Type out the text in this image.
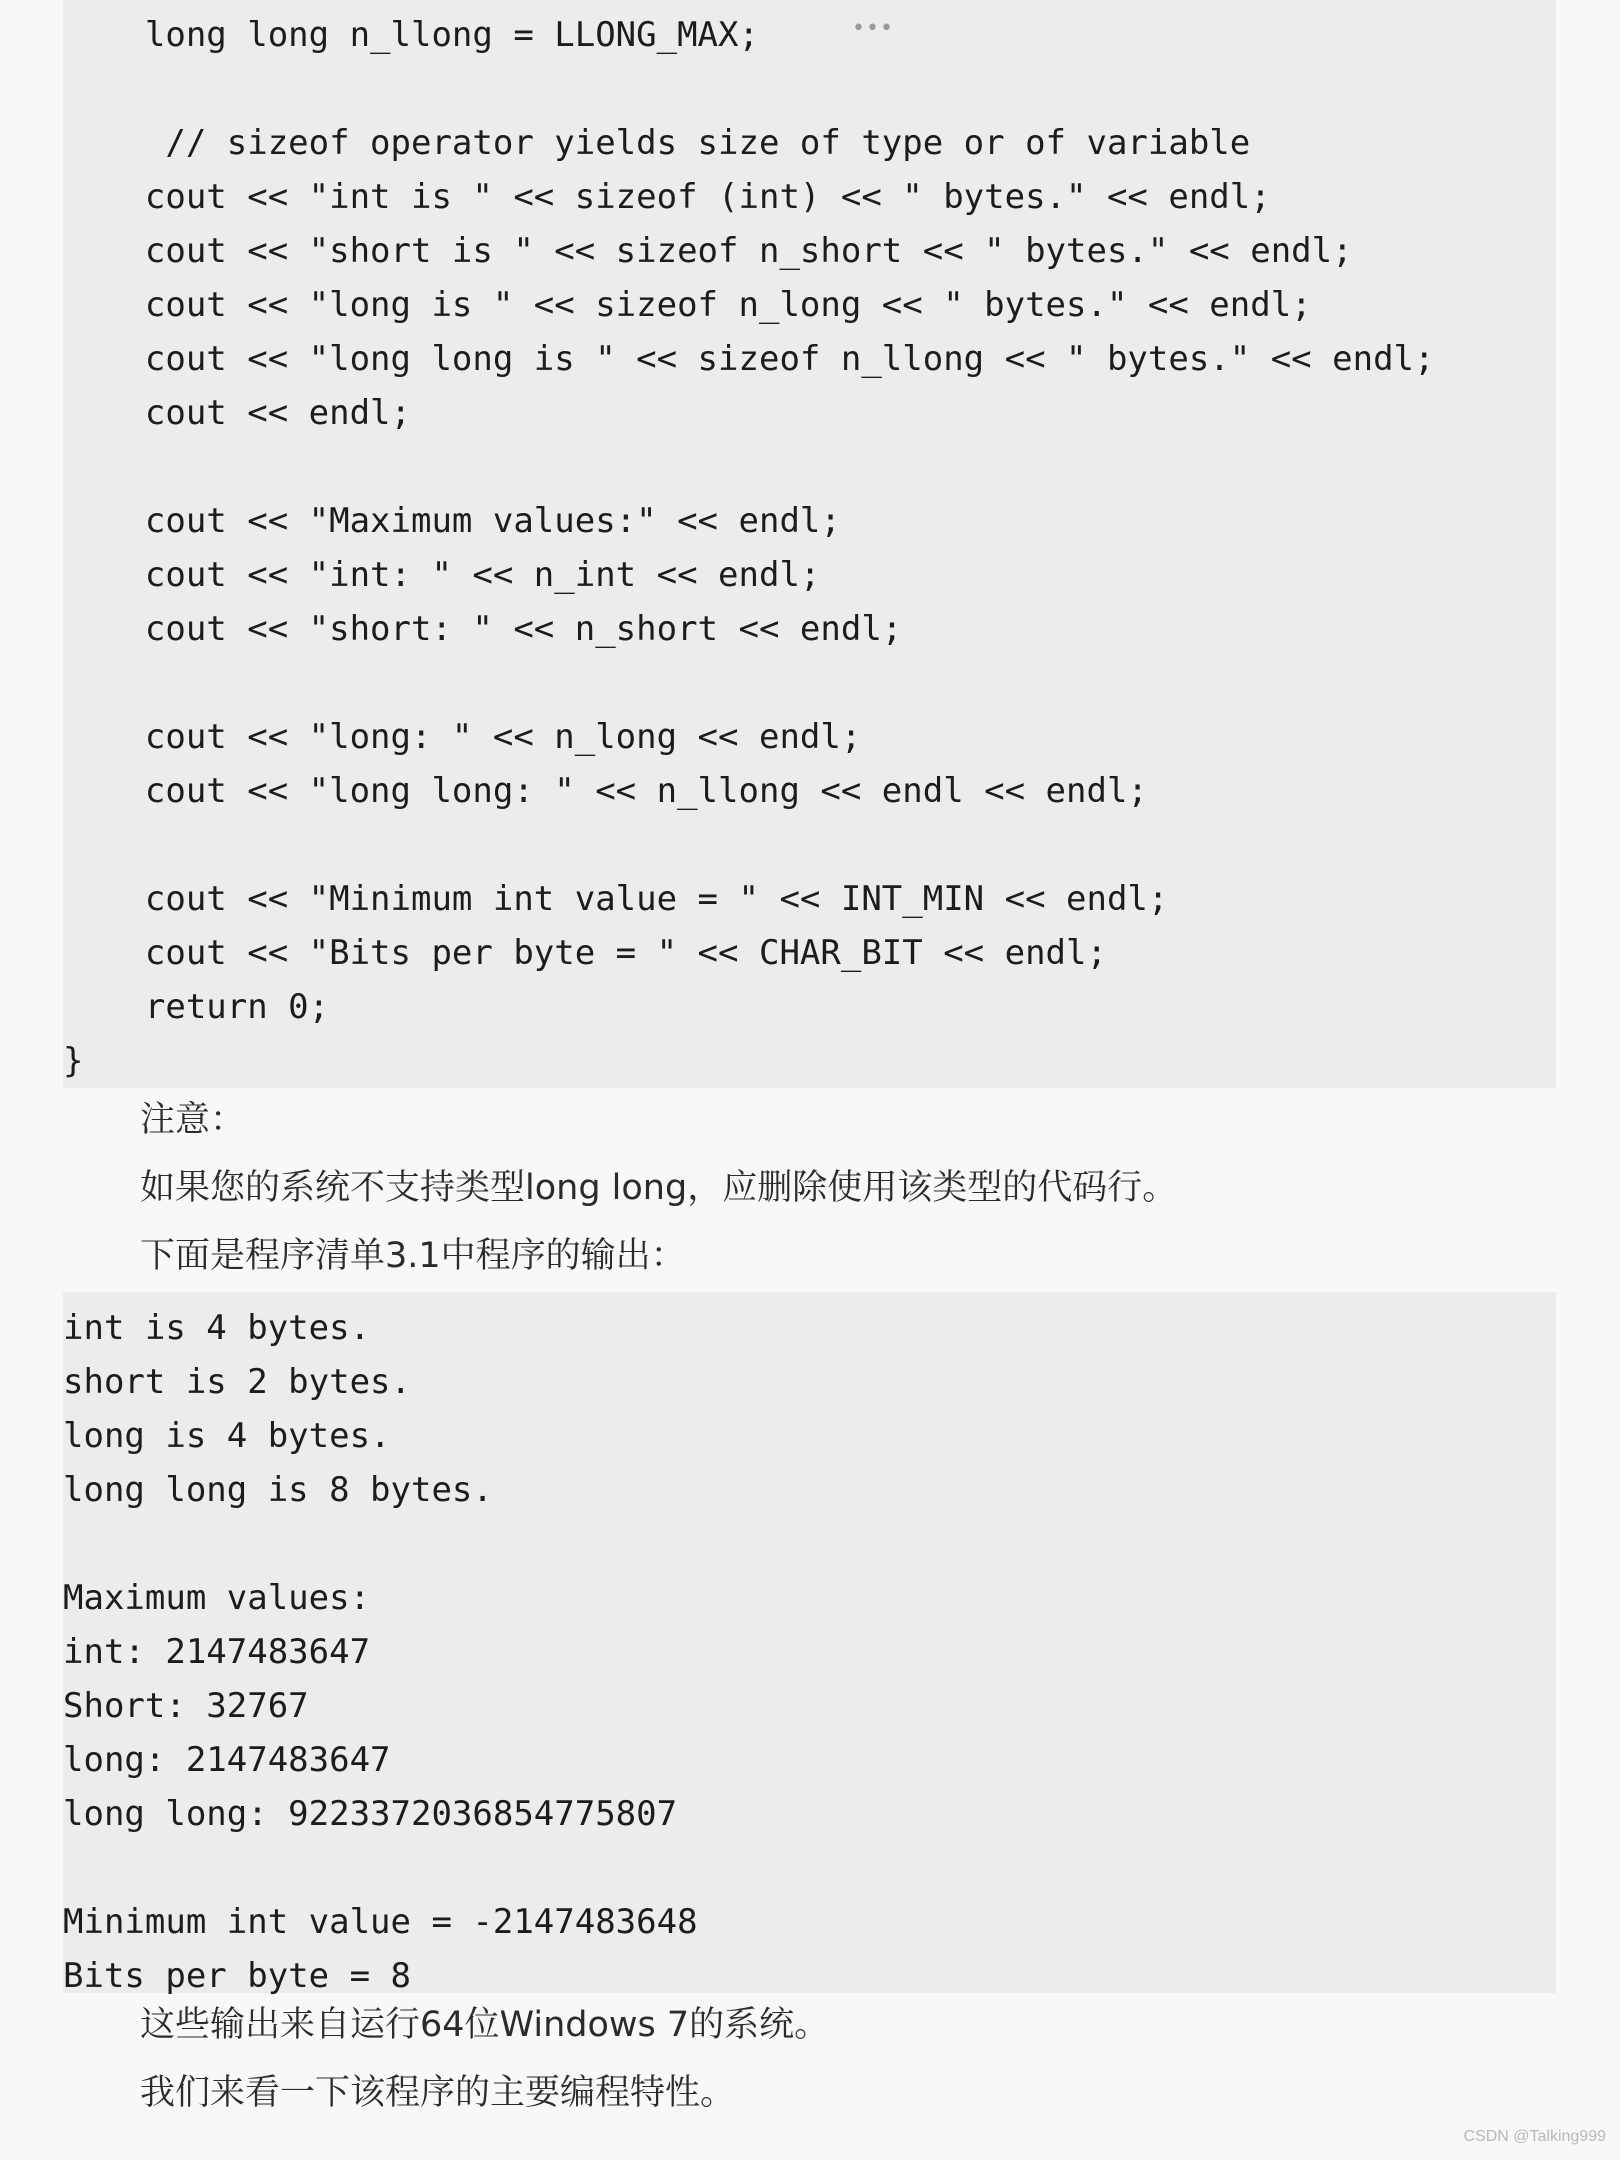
long long n_llong = LLONG_MAX;
// sizeof operator yields size of type or of variable
cout << "int is " << sizeof (int) << " bytes." << endl;
cout << "short is " << sizeof n_short << " bytes." << endl;
cout << "long is " << sizeof n_long << " bytes." << endl;
cout << "long long is " << sizeof n_llong << " bytes." << endl;
cout << endl;
cout << "Maximum values:" << endl;
cout << "int: " << n_int << endl;
cout << "short: " << n_short << endl;
cout << "long: " << n_long << endl;
cout << "long long: " << n_llong << endl << endl;
cout << "Minimum int value = " << INT_MIN << endl;
cout << "Bits per byte = " << CHAR_BIT << endl;
return 0;
}
•••
注意：
如果您的系统不支持类型long long，应删除使用该类型的代码行。
下面是程序清单3.1中程序的输出：
int is 4 bytes.
short is 2 bytes.
long is 4 bytes.
long long is 8 bytes.
Maximum values:
int: 2147483647
Short: 32767
long: 2147483647
long long: 9223372036854775807
Minimum int value = -2147483648
Bits per byte = 8
这些输出来自运行64位Windows 7的系统。
我们来看一下该程序的主要编程特性。
CSDN @Talking999
